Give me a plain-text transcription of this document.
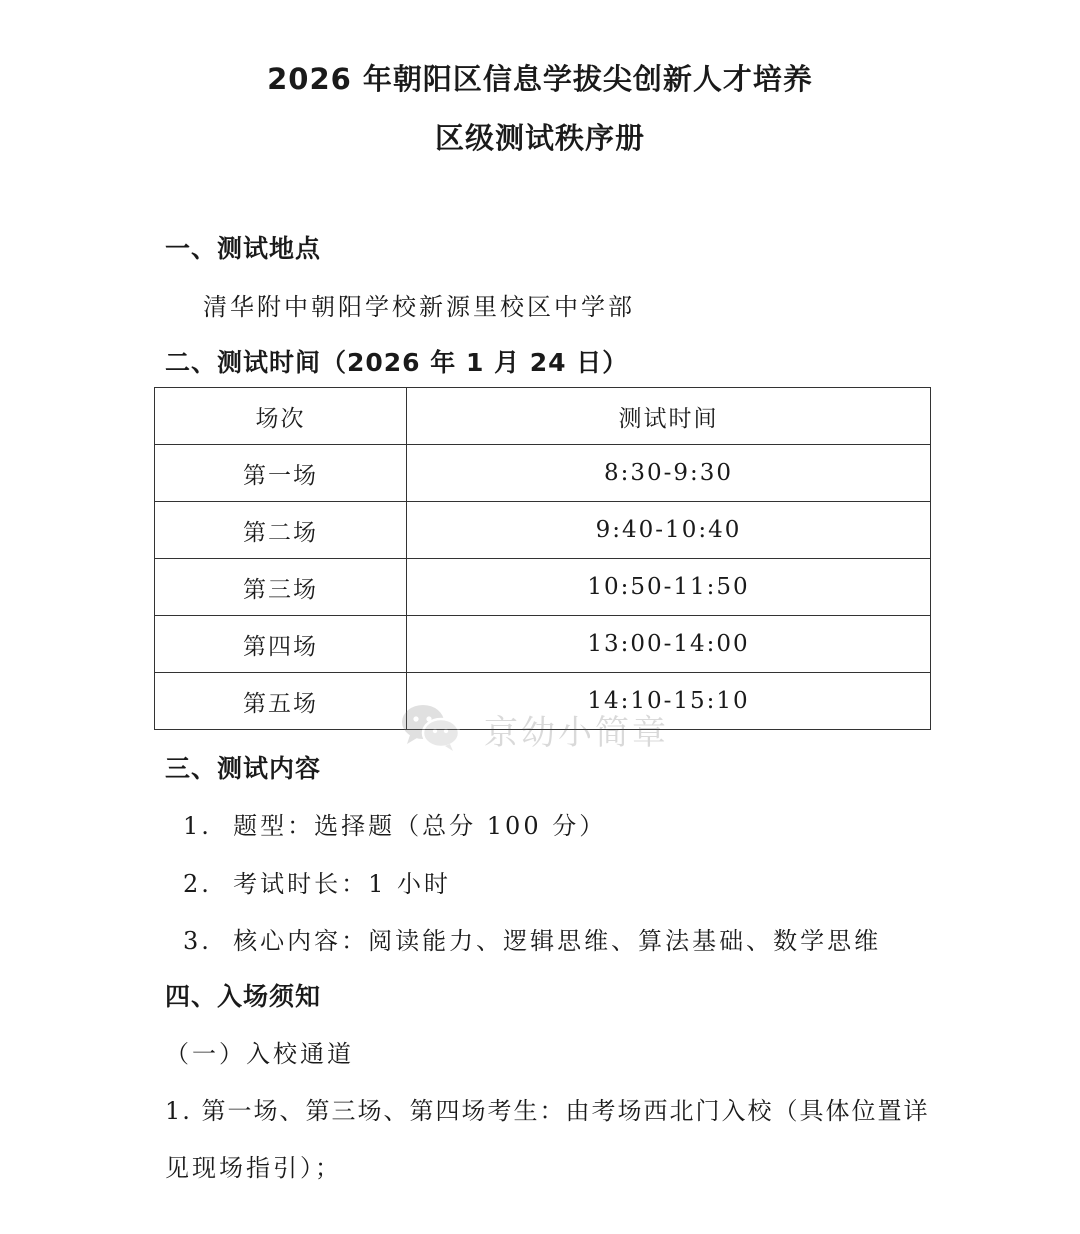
2026 年朝阳区信息学拔尖创新人才培养
区级测试秩序册
一、测试地点
清华附中朝阳学校新源里校区中学部
二、测试时间（2026 年 1 月 24 日）
场次	测试时间
第一场	8:30-9:30
第二场	9:40-10:40
第三场	10:50-11:50
第四场	13:00-14:00
第五场	14:10-15:10
京幼小简章
三、测试内容
1.  题型：选择题（总分 100 分）
2.  考试时长：1 小时
3.  核心内容：阅读能力、逻辑思维、算法基础、数学思维
四、入场须知
（一）入校通道
1. 第一场、第三场、第四场考生：由考场西北门入校（具体位置详
见现场指引）；
